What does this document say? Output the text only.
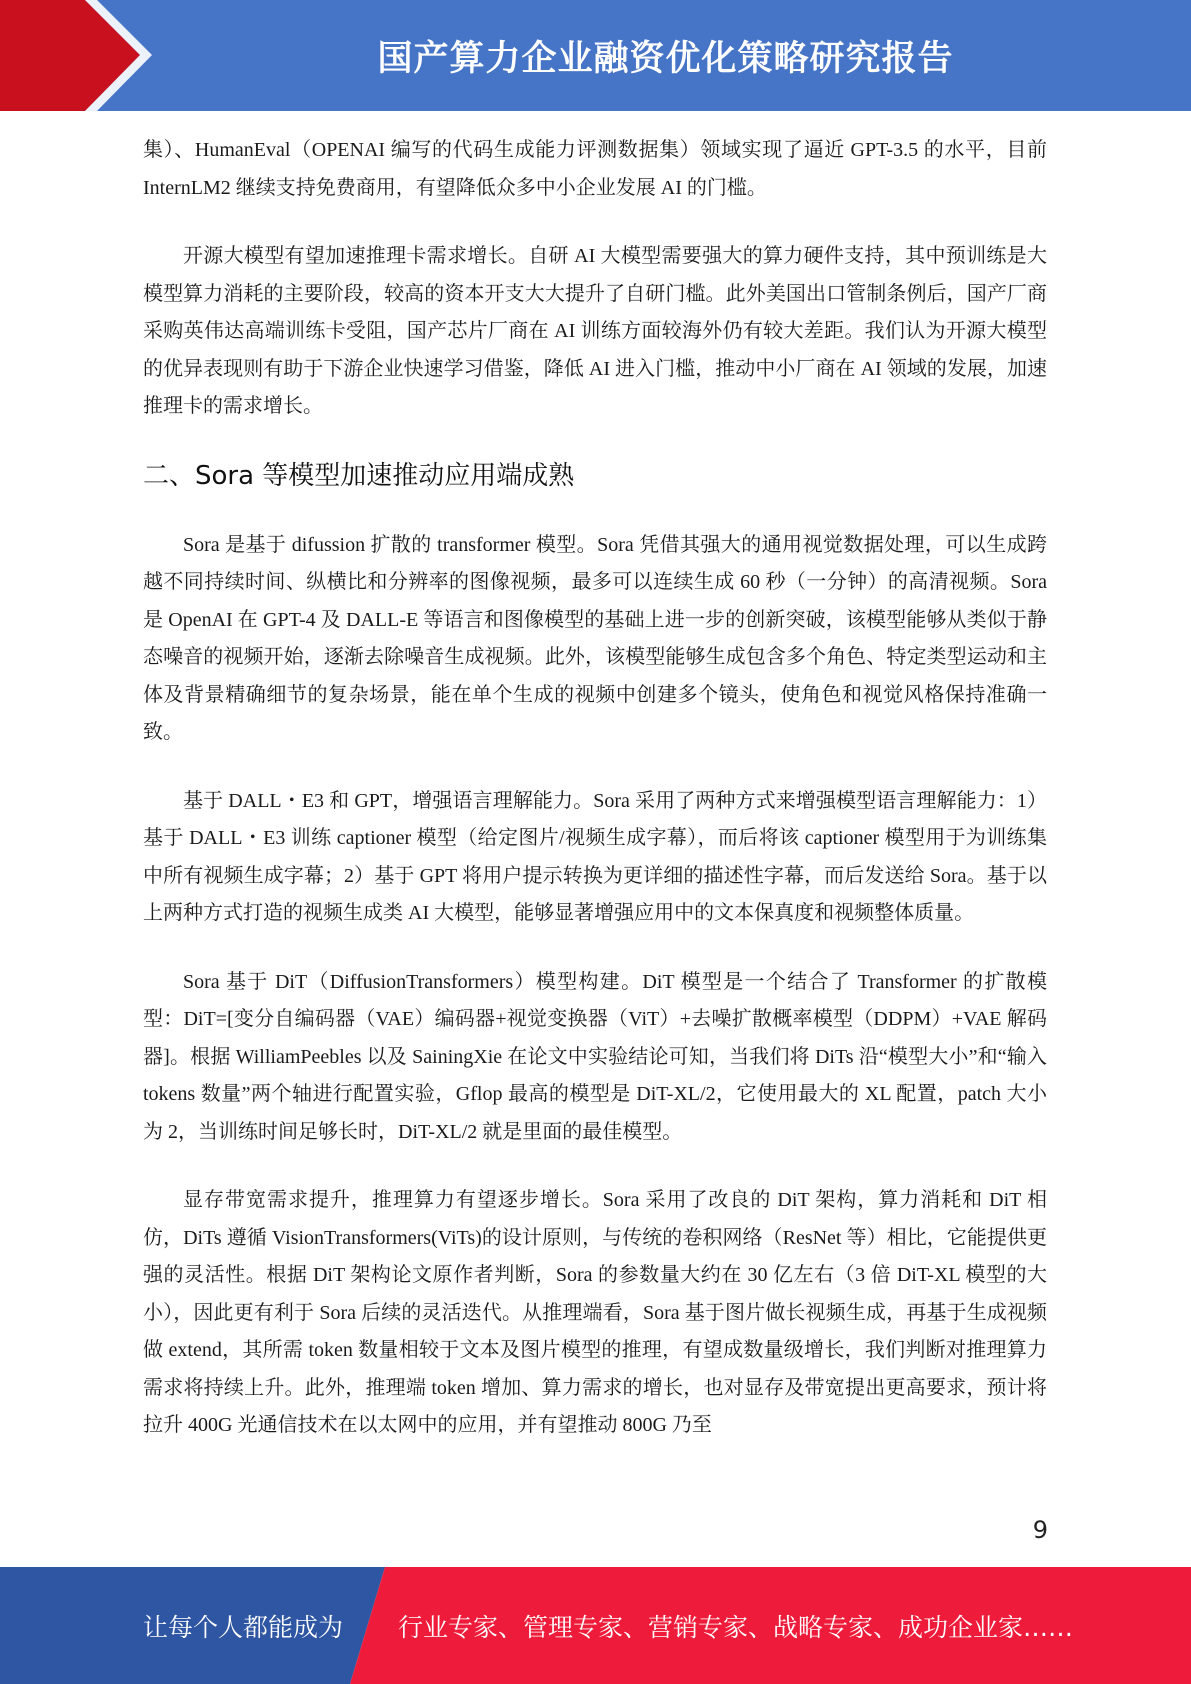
国产算力企业融资优化策略研究报告

集）、HumanEval（OPENAI 编写的代码生成能力评测数据集）领域实现了逼近 GPT-3.5 的水平，目前 InternLM2 继续支持免费商用，有望降低众多中小企业发展 AI 的门槛。

开源大模型有望加速推理卡需求增长。自研 AI 大模型需要强大的算力硬件支持，其中预训练是大模型算力消耗的主要阶段，较高的资本开支大大提升了自研门槛。此外美国出口管制条例后，国产厂商采购英伟达高端训练卡受阻，国产芯片厂商在 AI 训练方面较海外仍有较大差距。我们认为开源大模型的优异表现则有助于下游企业快速学习借鉴，降低 AI 进入门槛，推动中小厂商在 AI 领域的发展，加速推理卡的需求增长。

二、Sora 等模型加速推动应用端成熟

Sora 是基于 difussion 扩散的 transformer 模型。Sora 凭借其强大的通用视觉数据处理，可以生成跨越不同持续时间、纵横比和分辨率的图像视频，最多可以连续生成 60 秒（一分钟）的高清视频。Sora 是 OpenAI 在 GPT-4 及 DALL-E 等语言和图像模型的基础上进一步的创新突破，该模型能够从类似于静态噪音的视频开始，逐渐去除噪音生成视频。此外，该模型能够生成包含多个角色、特定类型运动和主体及背景精确细节的复杂场景，能在单个生成的视频中创建多个镜头，使角色和视觉风格保持准确一致。

基于 DALL・E3 和 GPT，增强语言理解能力。Sora 采用了两种方式来增强模型语言理解能力：1）基于 DALL・E3 训练 captioner 模型（给定图片/视频生成字幕），而后将该 captioner 模型用于为训练集中所有视频生成字幕；2）基于 GPT 将用户提示转换为更详细的描述性字幕，而后发送给 Sora。基于以上两种方式打造的视频生成类 AI 大模型，能够显著增强应用中的文本保真度和视频整体质量。

Sora 基于 DiT（DiffusionTransformers）模型构建。DiT 模型是一个结合了 Transformer 的扩散模型：DiT=[变分自编码器（VAE）编码器+视觉变换器（ViT）+去噪扩散概率模型（DDPM）+VAE 解码器]。根据 WilliamPeebles 以及 SainingXie 在论文中实验结论可知，当我们将 DiTs 沿“模型大小”和“输入 tokens 数量”两个轴进行配置实验，Gflop 最高的模型是 DiT-XL/2，它使用最大的 XL 配置，patch 大小为 2，当训练时间足够长时，DiT-XL/2 就是里面的最佳模型。

显存带宽需求提升，推理算力有望逐步增长。Sora 采用了改良的 DiT 架构，算力消耗和 DiT 相仿，DiTs 遵循 VisionTransformers(ViTs)的设计原则，与传统的卷积网络（ResNet 等）相比，它能提供更强的灵活性。根据 DiT 架构论文原作者判断，Sora 的参数量大约在 30 亿左右（3 倍 DiT-XL 模型的大小），因此更有利于 Sora 后续的灵活迭代。从推理端看，Sora 基于图片做长视频生成，再基于生成视频做 extend，其所需 token 数量相较于文本及图片模型的推理，有望成数量级增长，我们判断对推理算力需求将持续上升。此外，推理端 token 增加、算力需求的增长，也对显存及带宽提出更高要求，预计将拉升 400G 光通信技术在以太网中的应用，并有望推动 800G 乃至

9
让每个人都能成为 行业专家、管理专家、营销专家、战略专家、成功企业家……
